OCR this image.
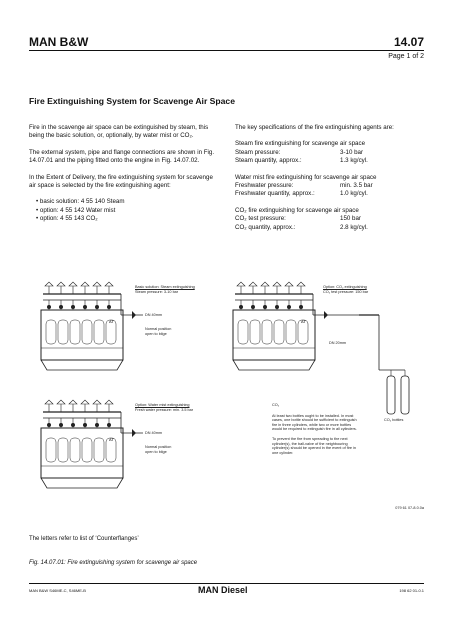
MAN B&W	14.07
Page 1 of 2
Fire Extinguishing System for Scavenge Air Space

Fire in the scavenge air space can be extinguished by steam, this being the basic solution, or, optionally, by water mist or CO₂.

The external system, pipe and flange connections are shown in Fig. 14.07.01 and the piping fitted onto the engine in Fig. 14.07.02.

In the Extent of Delivery, the fire extinguishing system for scavenge air space is selected by the fire extinguishing agent:

• basic solution: 4 55 140 Steam
• option: 4 55 142 Water mist
• option: 4 55 143 CO₂

The key specifications of the fire extinguishing agents are:

Steam fire extinguishing for scavenge air space
Steam pressure:	3-10 bar
Steam quantity, approx.:	1.3 kg/cyl.
Water mist fire extinguishing for scavenge air space
Freshwater pressure:	min. 3.5 bar
Freshwater quantity, approx.:	1.0 kg/cyl.
CO₂ fire extinguishing for scavenge air space
CO₂ test pressure:	150 bar
CO₂ quantity, approx.:	2.8 kg/cyl.
AT
AT
AT
Basic solution: Steam extinguishing
Steam pressure: 3-10 bar
DN 40mm
Normal position
open to bilge
Option: CO₂ extinguishing
CO₂ test pressure: 150 bar
DN 20mm
CO₂ bottles
Option: Water mist extinguishing
Fresh water pressure: min. 3.5 bar
DN 40mm
Normal position
open to bilge
CO₂
At least two bottles ought to be installed. In most cases, one bottle should be sufficient to extinguish fire in three cylinders, while two or more bottles would be required to extinguish fire in all cylinders.
To prevent the fire from spreading to the next cylinder(s), the ball-valve of the neighbouring cylinder(s) should be opened in the event of fire in one cylinder.
079 61 07-8.0.0a
The letters refer to list of ‘Counterflanges’
Fig. 14.07.01: Fire extinguishing system for scavenge air space
MAN B&W S46ME-C, S46ME-B	MAN Diesel	198 62 01-0.1
